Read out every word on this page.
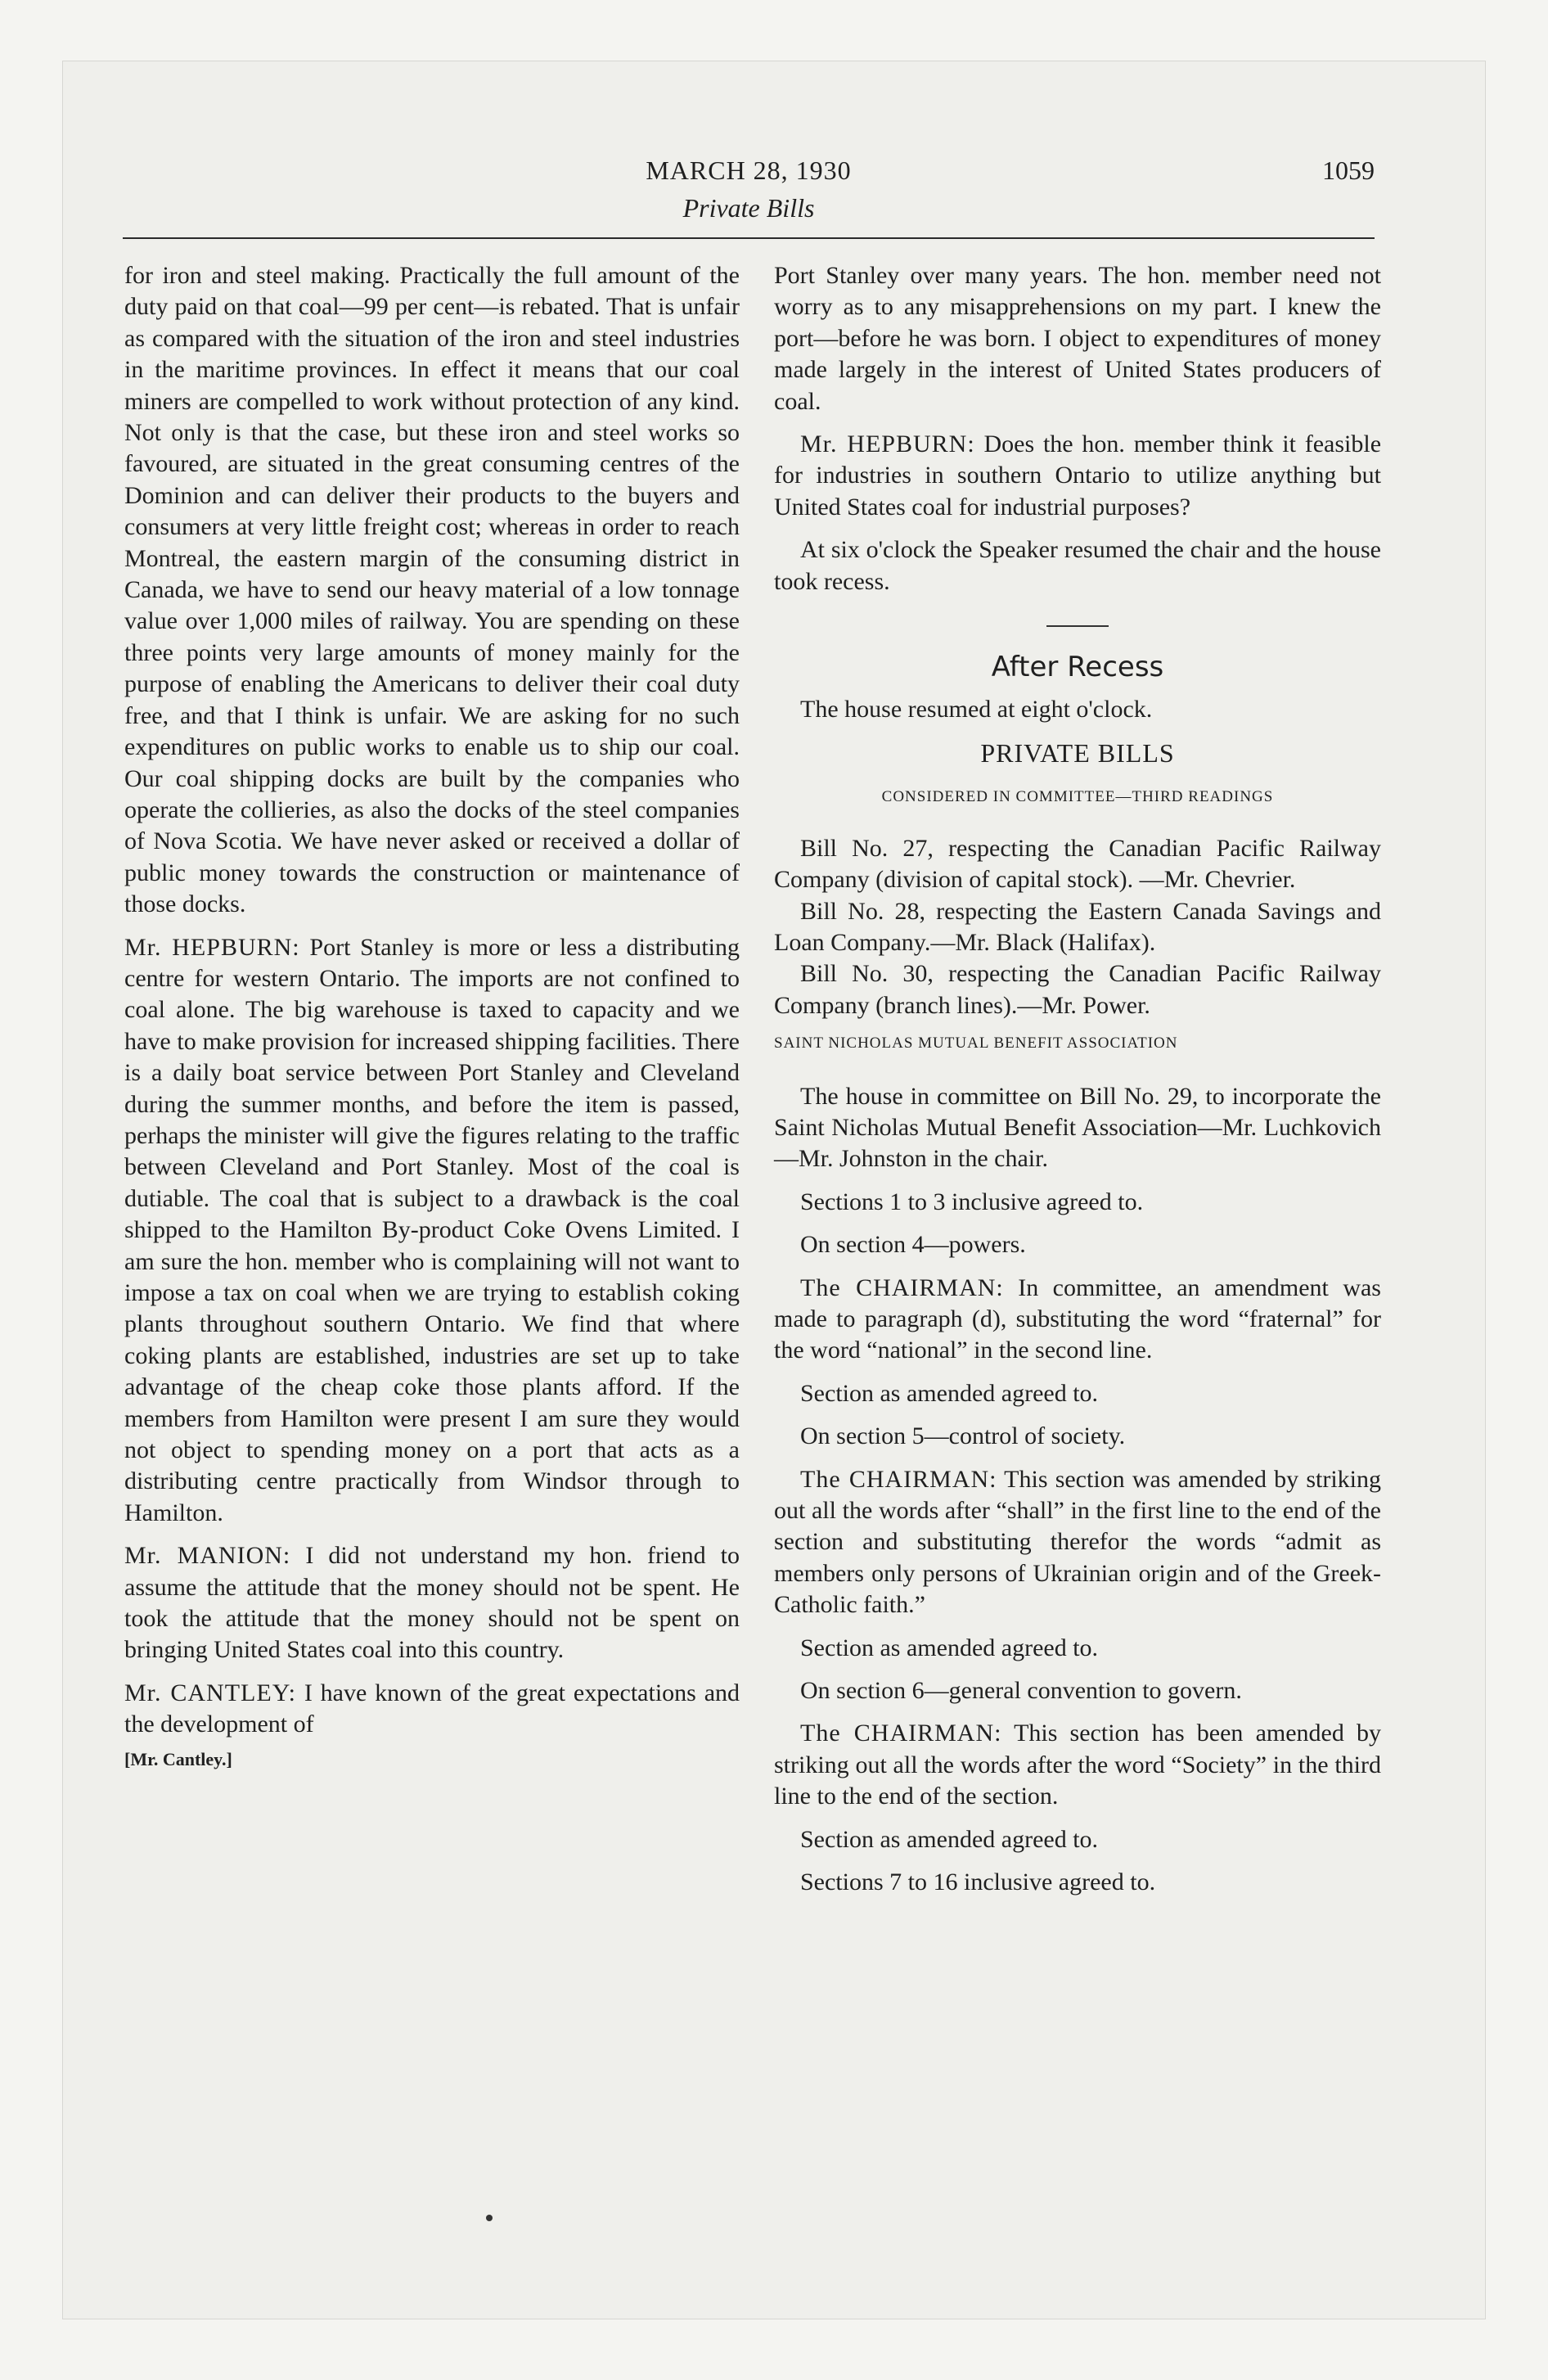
MARCH 28, 1930	1059
Private Bills

for iron and steel making. Practically the full amount of the duty paid on that coal—99 per cent—is rebated. That is unfair as compared with the situation of the iron and steel industries in the maritime provinces. In effect it means that our coal miners are compelled to work without protection of any kind. Not only is that the case, but these iron and steel works so favoured, are situated in the great consuming centres of the Dominion and can deliver their products to the buyers and consumers at very little freight cost; whereas in order to reach Montreal, the eastern margin of the consuming district in Canada, we have to send our heavy material of a low tonnage value over 1,000 miles of railway. You are spending on these three points very large amounts of money mainly for the purpose of enabling the Americans to deliver their coal duty free, and that I think is unfair. We are asking for no such expenditures on public works to enable us to ship our coal. Our coal shipping docks are built by the companies who operate the collieries, as also the docks of the steel companies of Nova Scotia. We have never asked or received a dollar of public money towards the construction or maintenance of those docks.

Mr. HEPBURN: Port Stanley is more or less a distributing centre for western Ontario. The imports are not confined to coal alone. The big warehouse is taxed to capacity and we have to make provision for increased shipping facilities. There is a daily boat service between Port Stanley and Cleveland during the summer months, and before the item is passed, perhaps the minister will give the figures relating to the traffic between Cleveland and Port Stanley. Most of the coal is dutiable. The coal that is subject to a drawback is the coal shipped to the Hamilton By-product Coke Ovens Limited. I am sure the hon. member who is complaining will not want to impose a tax on coal when we are trying to establish coking plants throughout southern Ontario. We find that where coking plants are established, industries are set up to take advantage of the cheap coke those plants afford. If the members from Hamilton were present I am sure they would not object to spending money on a port that acts as a distributing centre practically from Windsor through to Hamilton.

Mr. MANION: I did not understand my hon. friend to assume the attitude that the money should not be spent. He took the attitude that the money should not be spent on bringing United States coal into this country.

Mr. CANTLEY: I have known of the great expectations and the development of

[Mr. Cantley.]

Port Stanley over many years. The hon. member need not worry as to any misapprehensions on my part. I knew the port—before he was born. I object to expenditures of money made largely in the interest of United States producers of coal.

Mr. HEPBURN: Does the hon. member think it feasible for industries in southern Ontario to utilize anything but United States coal for industrial purposes?

At six o'clock the Speaker resumed the chair and the house took recess.

After Recess

The house resumed at eight o'clock.

PRIVATE BILLS
CONSIDERED IN COMMITTEE—THIRD READINGS

Bill No. 27, respecting the Canadian Pacific Railway Company (division of capital stock). —Mr. Chevrier.

Bill No. 28, respecting the Eastern Canada Savings and Loan Company.—Mr. Black (Halifax).

Bill No. 30, respecting the Canadian Pacific Railway Company (branch lines).—Mr. Power.

SAINT NICHOLAS MUTUAL BENEFIT ASSOCIATION

The house in committee on Bill No. 29, to incorporate the Saint Nicholas Mutual Benefit Association—Mr. Luchkovich—Mr. Johnston in the chair.

Sections 1 to 3 inclusive agreed to.

On section 4—powers.

The CHAIRMAN: In committee, an amendment was made to paragraph (d), substituting the word “fraternal” for the word “national” in the second line.

Section as amended agreed to.

On section 5—control of society.

The CHAIRMAN: This section was amended by striking out all the words after “shall” in the first line to the end of the section and substituting therefor the words “admit as members only persons of Ukrainian origin and of the Greek-Catholic faith.”

Section as amended agreed to.

On section 6—general convention to govern.

The CHAIRMAN: This section has been amended by striking out all the words after the word “Society” in the third line to the end of the section.

Section as amended agreed to.

Sections 7 to 16 inclusive agreed to.
